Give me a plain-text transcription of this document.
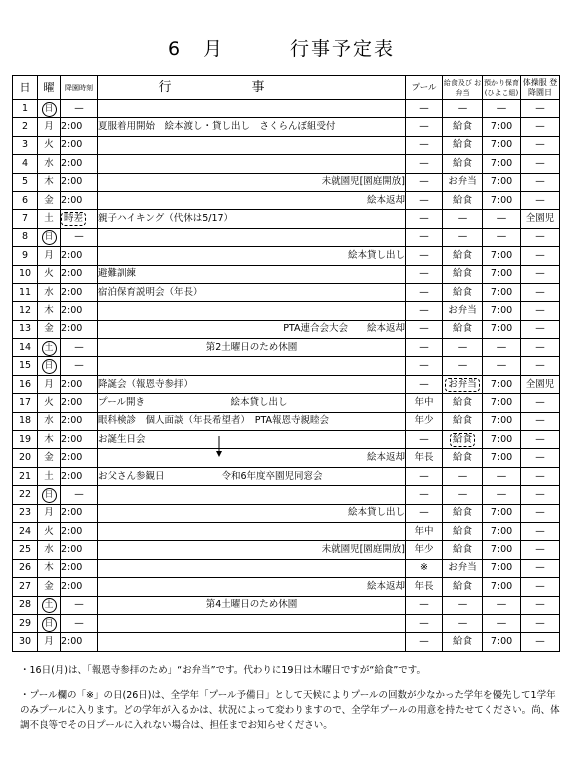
6　月	行事予定表
日	曜	降園時刻	行事	プール	給食及び お弁当	預かり保育 (ひよこ組)	体操服 登降園日
1	日	—		—	—	—	—
2	月	2:00	夏服着用開始　絵本渡し・貸し出し　さくらんぼ組受付	—	給食	7:00	—
3	火	2:00		—	給食	7:00	—
4	水	2:00		—	給食	7:00	—
5	木	2:00	未就園児[園庭開放]	—	お弁当	7:00	—
6	金	2:00	絵本返却	—	給食	7:00	—
7	土	時差	親子ハイキング（代休は5/17）	—	—	—	全園児
8	日	—		—	—	—	—
9	月	2:00	絵本貸し出し	—	給食	7:00	—
10	火	2:00	避難訓練	—	給食	7:00	—
11	水	2:00	宿泊保育説明会（年長）	—	給食	7:00	—
12	木	2:00		—	お弁当	7:00	—
13	金	2:00	PTA連合会大会　　絵本返却	—	給食	7:00	—
14	土	—	第2土曜日のため休園	—	—	—	—
15	日	—		—	—	—	—
16	月	2:00	降誕会（報恩寺参拝）	—	お弁当	7:00	全園児
17	火	2:00	プール開き　　　　　　　　　絵本貸し出し	年中	給食	7:00	—
18	水	2:00	眼科検診　個人面談（年長希望者）　PTA報恩寺親睦会	年少	給食	7:00	—
19	木	2:00	お誕生日会	—	給食	7:00	—
20	金	2:00	絵本返却	年長	給食	7:00	—
21	土	2:00	お父さん参観日　　　　　　令和6年度卒園児同窓会	—	—	—	—
22	日	—		—	—	—	—
23	月	2:00	絵本貸し出し	—	給食	7:00	—
24	火	2:00		年中	給食	7:00	—
25	水	2:00	未就園児[園庭開放]	年少	給食	7:00	—
26	木	2:00		※	お弁当	7:00	—
27	金	2:00	絵本返却	年長	給食	7:00	—
28	土	—	第4土曜日のため休園	—	—	—	—
29	日	—		—	—	—	—
30	月	2:00		—	給食	7:00	—

・16日(月)は、「報恩寺参拝のため」“お弁当”です。代わりに19日は木曜日ですが“給食”です。

・プール欄の「※」の日(26日)は、全学年「プール予備日」として天候によりプールの回数が少なかった学年を優先して1学年のみプールに入ります。どの学年が入るかは、状況によって変わりますので、全学年プールの用意を持たせてください。尚、体調不良等でその日プールに入れない場合は、担任までお知らせください。
